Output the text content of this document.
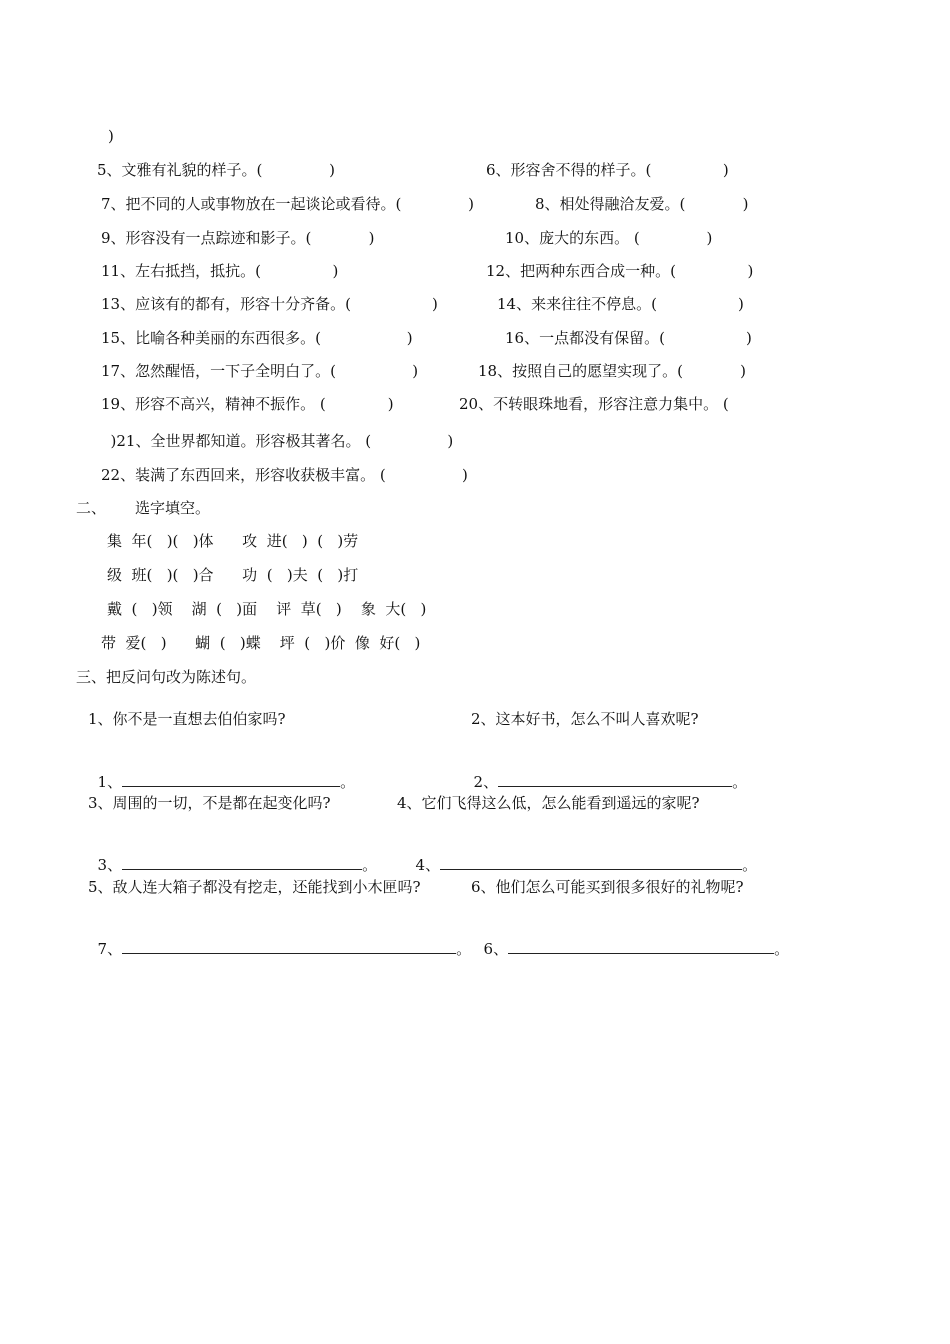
)
5、文雅有礼貌的样子。(              )	6、形容舍不得的样子。(               )
7、把不同的人或事物放在一起谈论或看待。(              )	8、相处得融洽友爱。(            )
9、形容没有一点踪迹和影子。(            )	10、庞大的东西。 (              )
11、左右抵挡，抵抗。(               )	12、把两种东西合成一种。(               )
13、应该有的都有，形容十分齐备。(                 )	14、来来往往不停息。(                 )
15、比喻各种美丽的东西很多。(                  )	16、一点都没有保留。(                 )
17、忽然醒悟，一下子全明白了。(                )	18、按照自己的愿望实现了。(            )
19、形容不高兴，精神不振作。 (             )	20、不转眼珠地看，形容注意力集中。 (
)21、全世界都知道。形容极其著名。 (                )
22、装满了东西回来，形容收获极丰富。 (                )
二、 选字填空。
集  年(   )(   )体      攻  进(   )  (   )劳
级  班(   )(   )合      功  (   )夫  (   )打
戴  (   )领    湖  (   )面    评  草(   )    象  大(   )
带  爱(   )      蝴  (   )蝶    坪  (   )价  像  好(   )
三、把反问句改为陈述句。
1、你不是一直想去伯伯家吗?	2、这本好书，怎么不叫人喜欢呢?

1、	。	2、	。

3、周围的一切，不是都在起变化吗?	4、它们飞得这么低，怎么能看到遥远的家呢?

3、	。	4、	。

5、敌人连大箱子都没有挖走，还能找到小木匣吗?	6、他们怎么可能买到很多很好的礼物呢?

7、	。 6、	。
